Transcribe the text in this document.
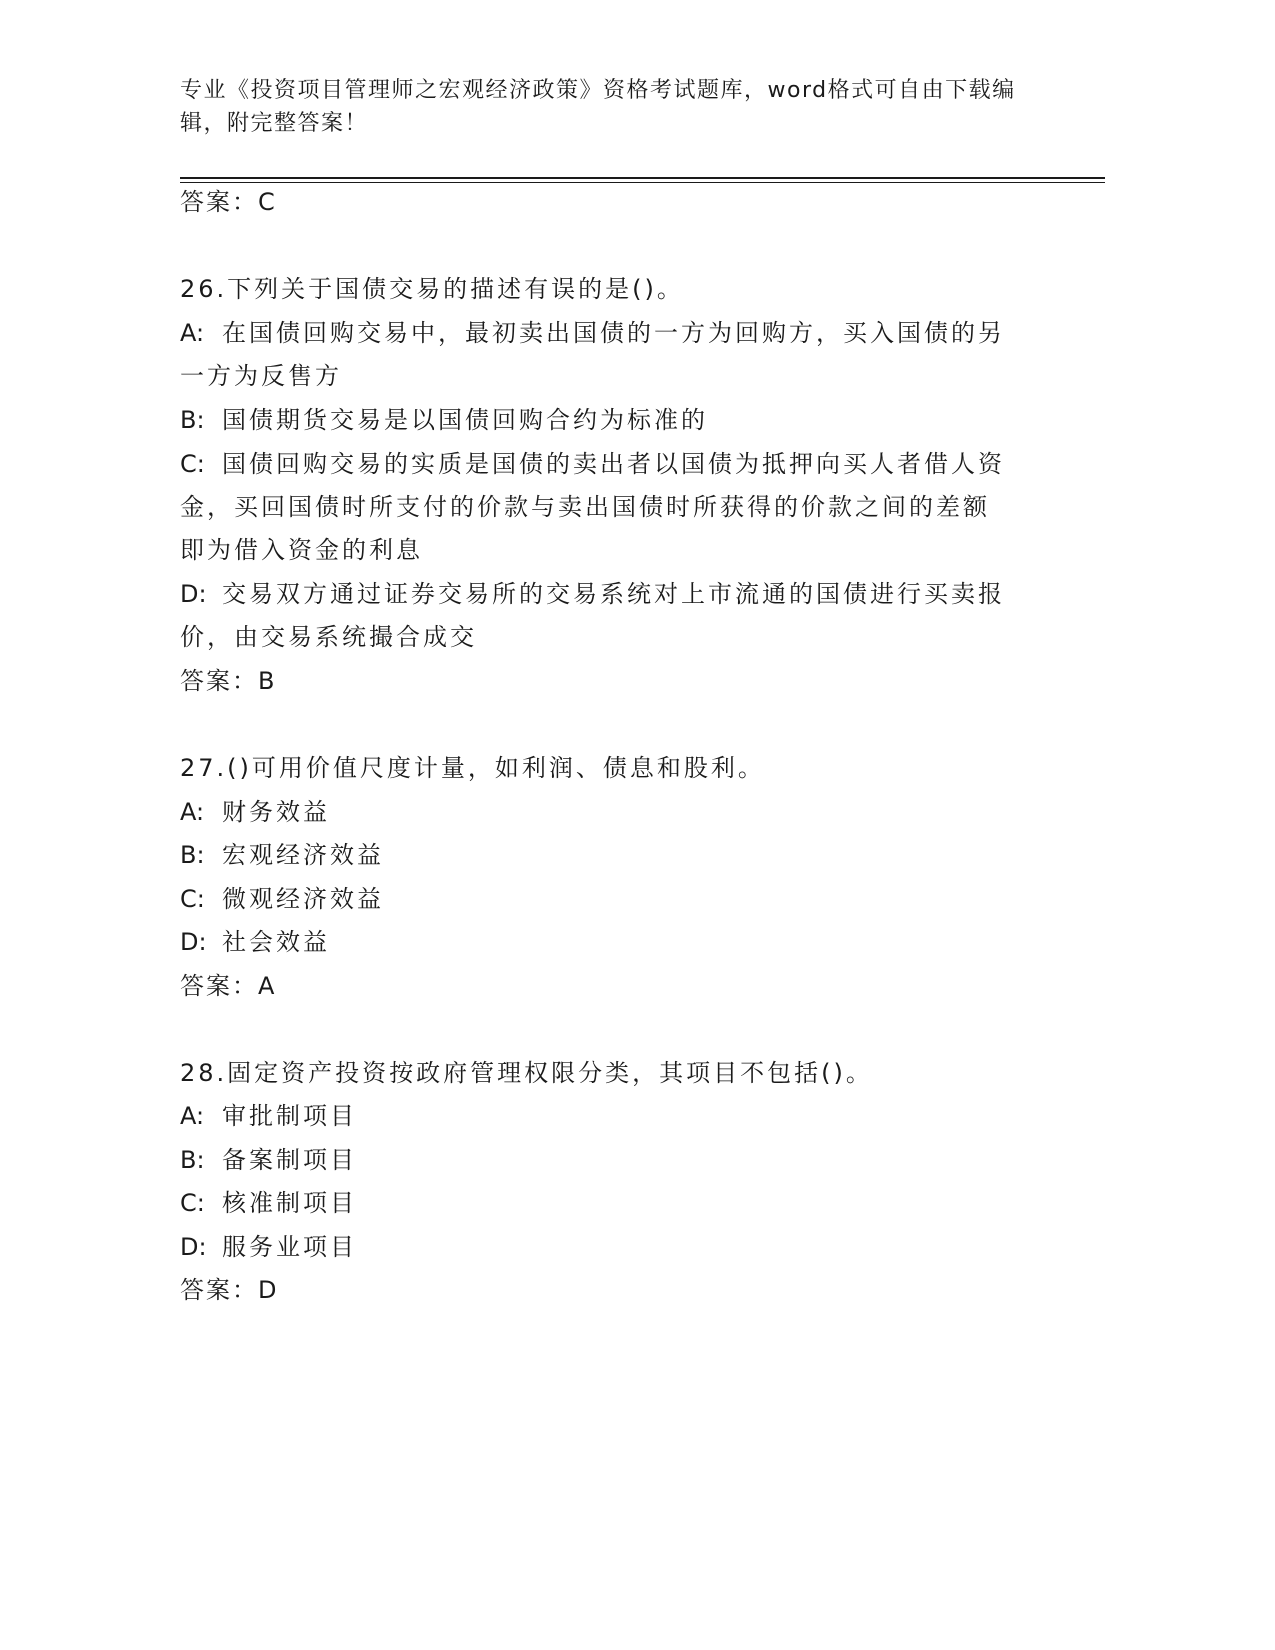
专业《投资项目管理师之宏观经济政策》资格考试题库，word格式可自由下载编辑，附完整答案！
答案：C
26.下列关于国债交易的描述有误的是()。
A: 在国债回购交易中，最初卖出国债的一方为回购方，买入国债的另
一方为反售方
B: 国债期货交易是以国债回购合约为标准的
C: 国债回购交易的实质是国债的卖出者以国债为抵押向买人者借人资
金，买回国债时所支付的价款与卖出国债时所获得的价款之间的差额
即为借入资金的利息
D: 交易双方通过证券交易所的交易系统对上市流通的国债进行买卖报
价，由交易系统撮合成交
答案：B
27.()可用价值尺度计量，如利润、债息和股利。
A: 财务效益
B: 宏观经济效益
C: 微观经济效益
D: 社会效益
答案：A
28.固定资产投资按政府管理权限分类，其项目不包括()。
A: 审批制项目
B: 备案制项目
C: 核准制项目
D: 服务业项目
答案：D
